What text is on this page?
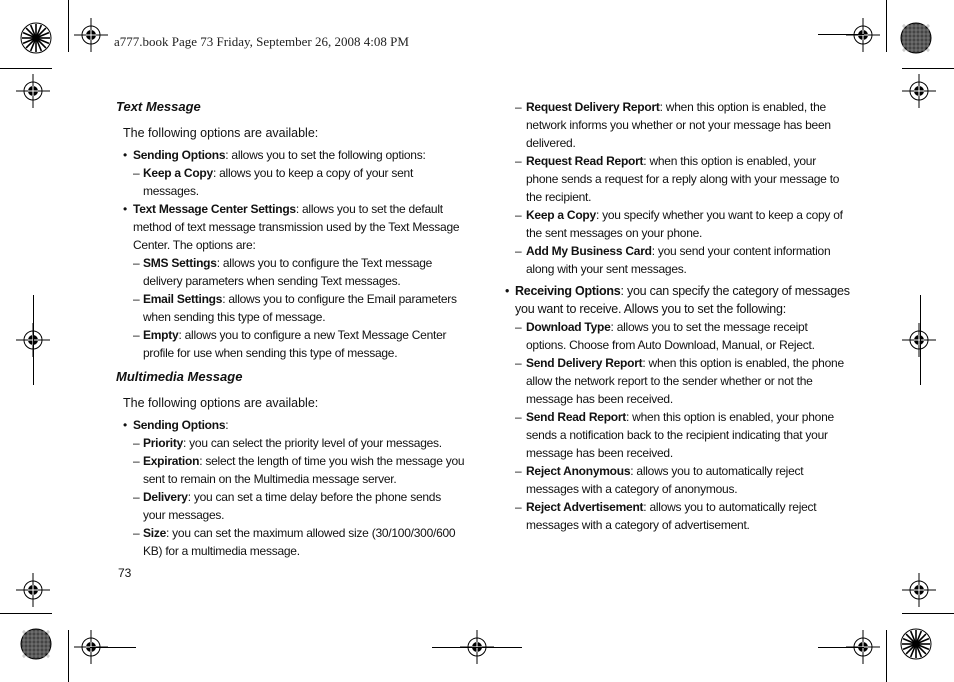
a777.book Page 73 Friday, September 26, 2008 4:08 PM
Text Message
The following options are available:
• Sending Options: allows you to set the following options:
– Keep a Copy: allows you to keep a copy of your sent messages.
• Text Message Center Settings: allows you to set the default method of text message transmission used by the Text Message Center. The options are:
– SMS Settings: allows you to configure the Text message delivery parameters when sending Text messages.
– Email Settings: allows you to configure the Email parameters when sending this type of message.
– Empty: allows you to configure a new Text Message Center profile for use when sending this type of message.
Multimedia Message
The following options are available:
• Sending Options:
– Priority: you can select the priority level of your messages.
– Expiration: select the length of time you wish the message you sent to remain on the Multimedia message server.
– Delivery: you can set a time delay before the phone sends your messages.
– Size: you can set the maximum allowed size (30/100/300/600 KB) for a multimedia message.
– Request Delivery Report: when this option is enabled, the network informs you whether or not your message has been delivered.
– Request Read Report: when this option is enabled, your phone sends a request for a reply along with your message to the recipient.
– Keep a Copy: you specify whether you want to keep a copy of the sent messages on your phone.
– Add My Business Card: you send your content information along with your sent messages.
• Receiving Options: you can specify the category of messages you want to receive. Allows you to set the following:
– Download Type: allows you to set the message receipt options. Choose from Auto Download, Manual, or Reject.
– Send Delivery Report: when this option is enabled, the phone allow the network report to the sender whether or not the message has been received.
– Send Read Report: when this option is enabled, your phone sends a notification back to the recipient indicating that your message has been received.
– Reject Anonymous: allows you to automatically reject messages with a category of anonymous.
– Reject Advertisement: allows you to automatically reject messages with a category of advertisement.
73
